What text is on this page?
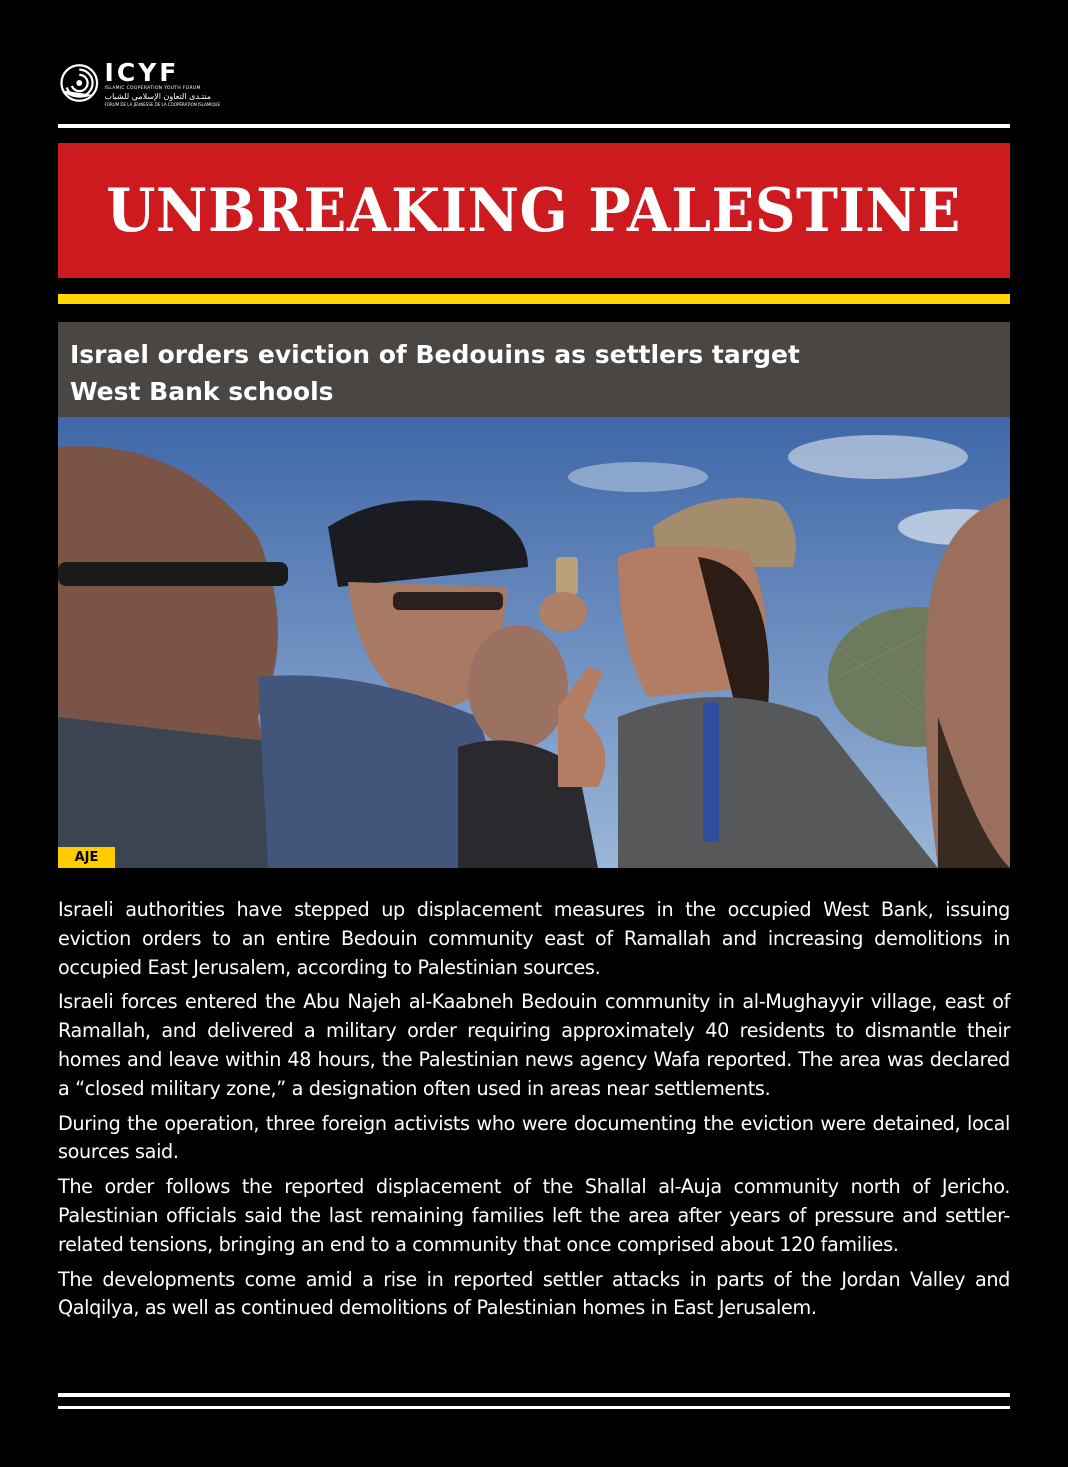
ICYF
ISLAMIC COOPERATION YOUTH FORUM
منتـدى التعاون الإسلامي للشباب
FORUM DE LA JEUNESSE DE LA COOPÉRATION ISLAMIQUE
UNBREAKING PALESTINE
Israel orders eviction of Bedouins as settlers target West Bank schools
AJE

Israeli authorities have stepped up displacement measures in the occupied West Bank, issuing eviction orders to an entire Bedouin community east of Ramallah and increasing demolitions in occupied East Jerusalem, according to Palestinian sources.

Israeli forces entered the Abu Najeh al-Kaabneh Bedouin community in al-Mughayyir village, east of Ramallah, and delivered a military order requiring approximately 40 residents to dismantle their homes and leave within 48 hours, the Palestinian news agency Wafa reported. The area was declared a “closed military zone,” a designation often used in areas near settlements.

During the operation, three foreign activists who were documenting the eviction were detained, local sources said.

The order follows the reported displacement of the Shallal al-Auja community north of Jericho. Palestinian officials said the last remaining families left the area after years of pressure and settler-related tensions, bringing an end to a community that once comprised about 120 families.

The developments come amid a rise in reported settler attacks in parts of the Jordan Valley and Qalqilya, as well as continued demolitions of Palestinian homes in East Jerusalem.
